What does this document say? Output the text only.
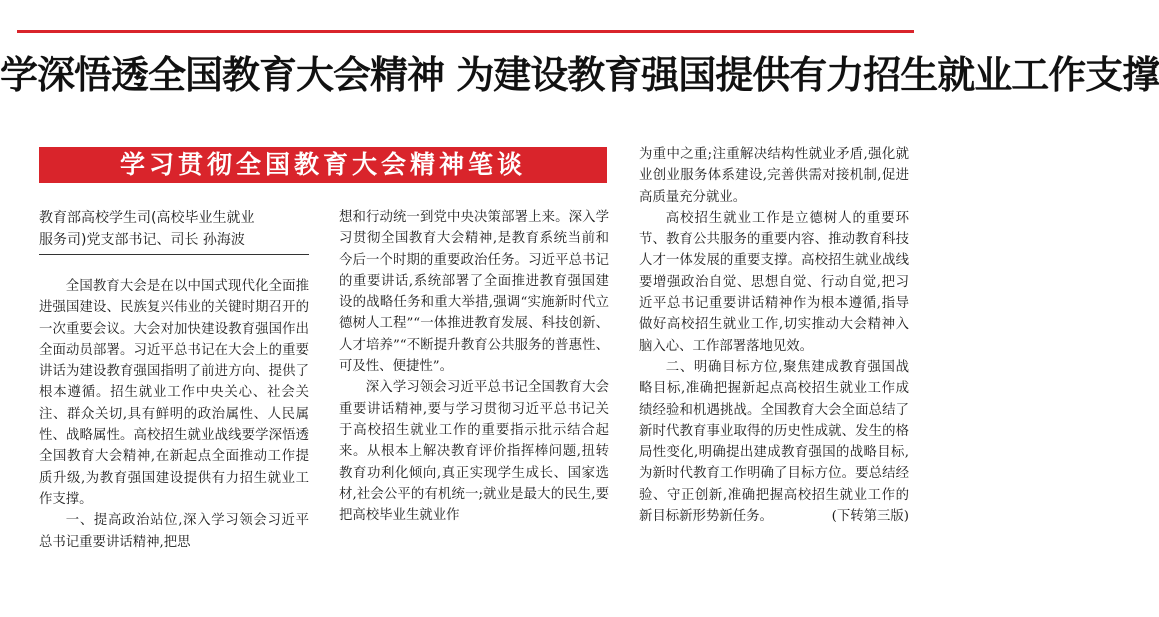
学深悟透全国教育大会精神 为建设教育强国提供有力招生就业工作支撑
学习贯彻全国教育大会精神笔谈
教育部高校学生司(高校毕业生就业
服务司)党支部书记、司长 孙海波

全国教育大会是在以中国式现代化全面推进强国建设、民族复兴伟业的关键时期召开的一次重要会议。大会对加快建设教育强国作出全面动员部署。习近平总书记在大会上的重要讲话为建设教育强国指明了前进方向、提供了根本遵循。招生就业工作中央关心、社会关注、群众关切,具有鲜明的政治属性、人民属性、战略属性。高校招生就业战线要学深悟透全国教育大会精神,在新起点全面推动工作提质升级,为教育强国建设提供有力招生就业工作支撑。

一、提高政治站位,深入学习领会习近平总书记重要讲话精神,把思

想和行动统一到党中央决策部署上来。深入学习贯彻全国教育大会精神,是教育系统当前和今后一个时期的重要政治任务。习近平总书记的重要讲话,系统部署了全面推进教育强国建设的战略任务和重大举措,强调“实施新时代立德树人工程”“一体推进教育发展、科技创新、人才培养”“不断提升教育公共服务的普惠性、可及性、便捷性”。

深入学习领会习近平总书记全国教育大会重要讲话精神,要与学习贯彻习近平总书记关于高校招生就业工作的重要指示批示结合起来。从根本上解决教育评价指挥棒问题,扭转教育功利化倾向,真正实现学生成长、国家选材,社会公平的有机统一;就业是最大的民生,要把高校毕业生就业作

为重中之重;注重解决结构性就业矛盾,强化就业创业服务体系建设,完善供需对接机制,促进高质量充分就业。

高校招生就业工作是立德树人的重要环节、教育公共服务的重要内容、推动教育科技人才一体发展的重要支撑。高校招生就业战线要增强政治自觉、思想自觉、行动自觉,把习近平总书记重要讲话精神作为根本遵循,指导做好高校招生就业工作,切实推动大会精神入脑入心、工作部署落地见效。

二、明确目标方位,聚焦建成教育强国战略目标,准确把握新起点高校招生就业工作成绩经验和机遇挑战。全国教育大会全面总结了新时代教育事业取得的历史性成就、发生的格局性变化,明确提出建成教育强国的战略目标,为新时代教育工作明确了目标方位。要总结经验、守正创新,准确把握高校招生就业工作的新目标新形势新任务。	(下转第三版)
